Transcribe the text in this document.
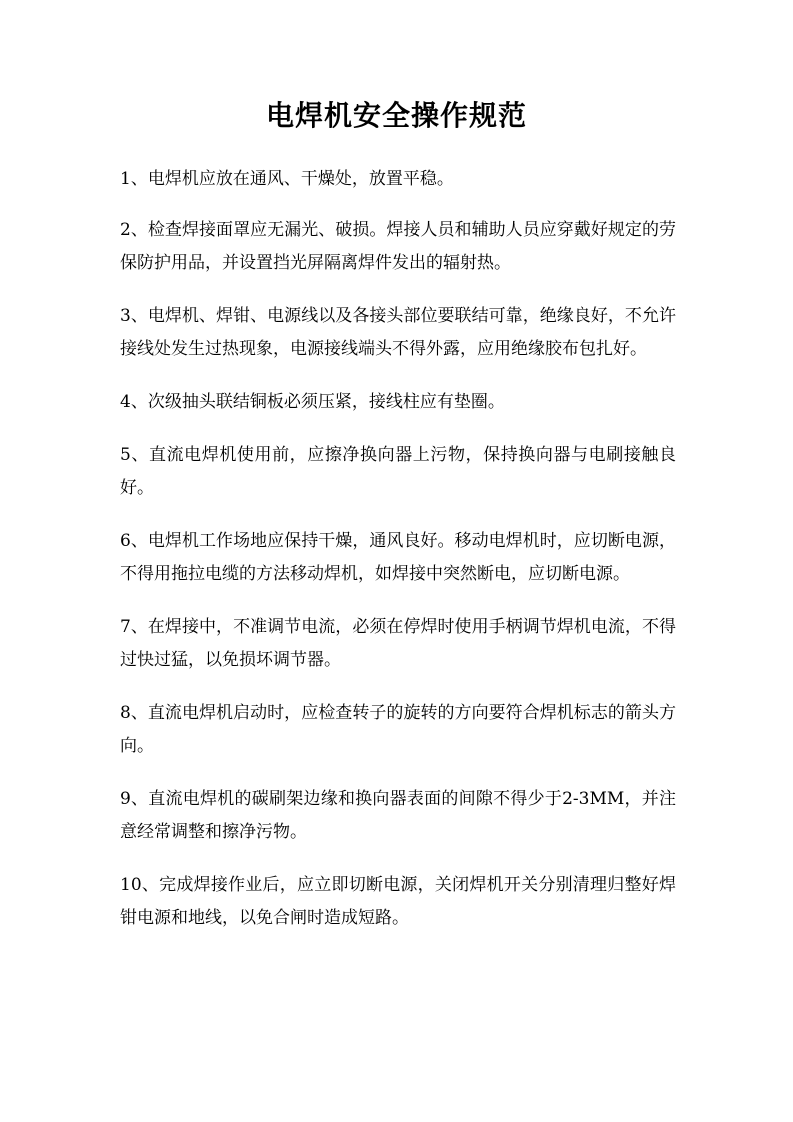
电焊机安全操作规范
1、电焊机应放在通风、干燥处，放置平稳。
2、检查焊接面罩应无漏光、破损。焊接人员和辅助人员应穿戴好规定的劳保防护用品，并设置挡光屏隔离焊件发出的辐射热。
3、电焊机、焊钳、电源线以及各接头部位要联结可靠，绝缘良好，不允许接线处发生过热现象，电源接线端头不得外露，应用绝缘胶布包扎好。
4、次级抽头联结铜板必须压紧，接线柱应有垫圈。
5、直流电焊机使用前，应擦净换向器上污物，保持换向器与电刷接触良好。
6、电焊机工作场地应保持干燥，通风良好。移动电焊机时，应切断电源，不得用拖拉电缆的方法移动焊机，如焊接中突然断电，应切断电源。
7、在焊接中，不准调节电流，必须在停焊时使用手柄调节焊机电流，不得过快过猛，以免损坏调节器。
8、直流电焊机启动时，应检查转子的旋转的方向要符合焊机标志的箭头方向。
9、直流电焊机的碳刷架边缘和换向器表面的间隙不得少于2-3MM，并注意经常调整和擦净污物。
10、完成焊接作业后，应立即切断电源，关闭焊机开关分别清理归整好焊钳电源和地线，以免合闸时造成短路。
